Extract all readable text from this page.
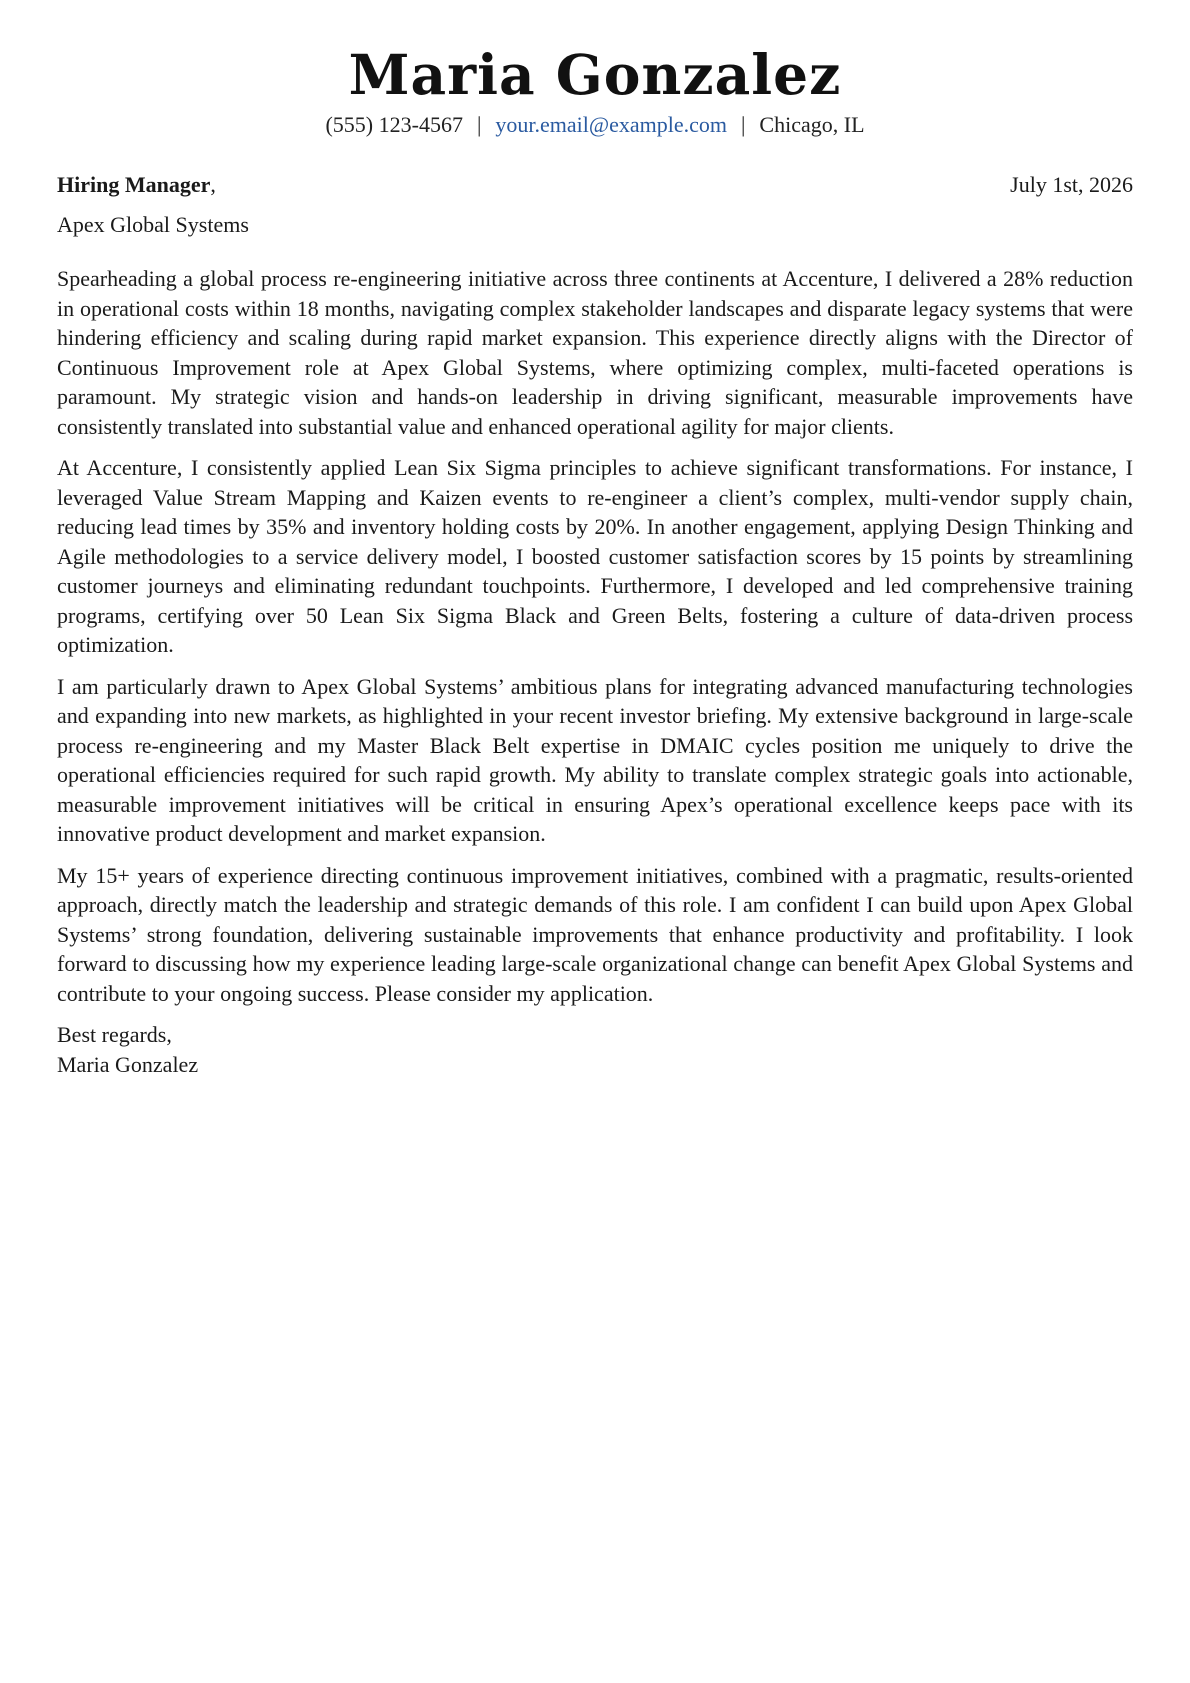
Maria Gonzalez
(555) 123-4567 | your.email@example.com | Chicago, IL
Hiring Manager,	July 1st, 2026
Apex Global Systems

Spearheading a global process re-engineering initiative across three continents at Accenture, I delivered a 28% reduction in operational costs within 18 months, navigating complex stakeholder landscapes and disparate legacy systems that were hindering efficiency and scaling during rapid market expansion. This experience directly aligns with the Director of Continuous Improvement role at Apex Global Systems, where optimizing complex, multi-faceted operations is paramount. My strategic vision and hands-on leadership in driving significant, measurable improvements have consistently translated into substantial value and enhanced operational agility for major clients.

At Accenture, I consistently applied Lean Six Sigma principles to achieve significant transformations. For instance, I leveraged Value Stream Mapping and Kaizen events to re-engineer a client’s complex, multi-vendor supply chain, reducing lead times by 35% and inventory holding costs by 20%. In another engagement, applying Design Thinking and Agile methodologies to a service delivery model, I boosted customer satisfaction scores by 15 points by streamlining customer journeys and eliminating redundant touchpoints. Furthermore, I developed and led comprehensive training programs, certifying over 50 Lean Six Sigma Black and Green Belts, fostering a culture of data-driven process optimization.

I am particularly drawn to Apex Global Systems’ ambitious plans for integrating advanced manufacturing technologies and expanding into new markets, as highlighted in your recent investor briefing. My extensive background in large-scale process re-engineering and my Master Black Belt expertise in DMAIC cycles position me uniquely to drive the operational efficiencies required for such rapid growth. My ability to translate complex strategic goals into actionable, measurable improvement initiatives will be critical in ensuring Apex’s operational excellence keeps pace with its innovative product development and market expansion.

My 15+ years of experience directing continuous improvement initiatives, combined with a pragmatic, results-oriented approach, directly match the leadership and strategic demands of this role. I am confident I can build upon Apex Global Systems’ strong foundation, delivering sustainable improvements that enhance productivity and profitability. I look forward to discussing how my experience leading large-scale organizational change can benefit Apex Global Systems and contribute to your ongoing success. Please consider my application.

Best regards,
Maria Gonzalez
